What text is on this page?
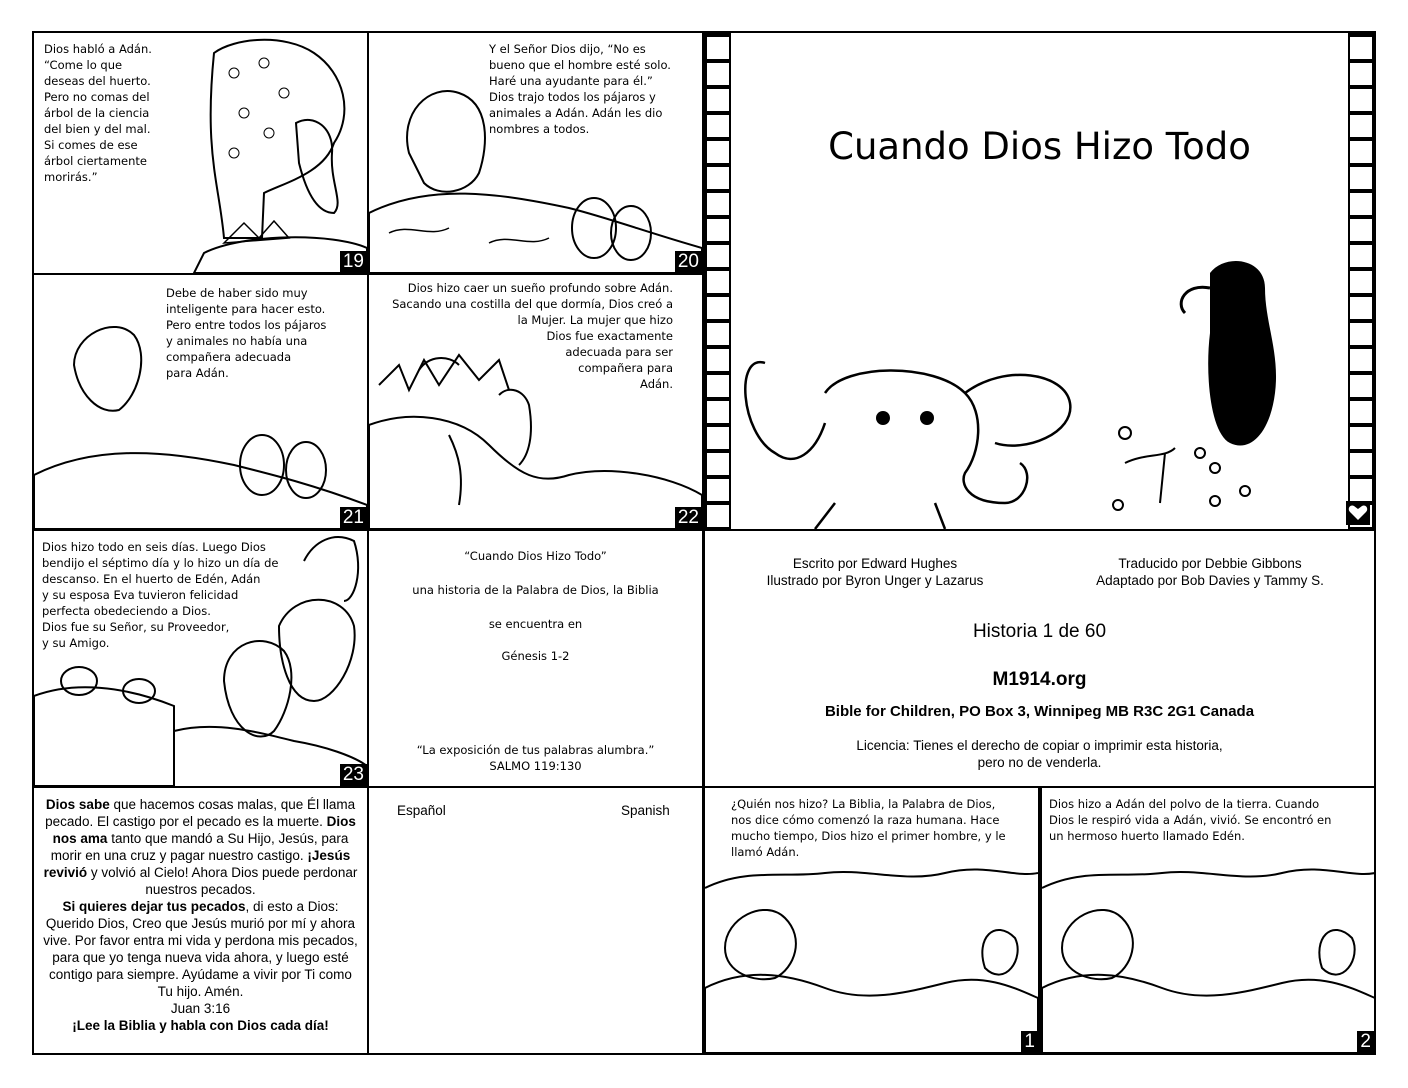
Dios habló a Adán.
“Come lo que
deseas del huerto.
Pero no comas del
árbol de la ciencia
del bien y del mal.
Si comes de ese
árbol ciertamente
morirás.”
19
Y el Señor Dios dijo, “No es
bueno que el hombre esté solo.
Haré una ayudante para él.”
Dios trajo todos los pájaros y
animales a Adán. Adán les dio
nombres a todos.
20
Cuando Dios Hizo Todo
Debe de haber sido muy
inteligente para hacer esto.
Pero entre todos los pájaros
y animales no había una
compañera adecuada
para Adán.
21
Dios hizo caer un sueño profundo sobre Adán.
Sacando una costilla del que dormía, Dios creó a
la Mujer. La mujer que hizo
Dios fue exactamente
adecuada para ser
compañera para
Adán.
22
Dios hizo todo en seis días. Luego Dios
bendijo el séptimo día y lo hizo un día de
descanso. En el huerto de Edén, Adán
y su esposa Eva tuvieron felicidad
perfecta obedeciendo a Dios.
Dios fue su Señor, su Proveedor,
y su Amigo.
23
“Cuando Dios Hizo Todo”
una historia de la Palabra de Dios, la Biblia
se encuentra en
Génesis 1-2
“La exposición de tus palabras alumbra.”
SALMO 119:130
Escrito por Edward Hughes
Ilustrado por Byron Unger y Lazarus
Traducido por Debbie Gibbons
Adaptado por Bob Davies y Tammy S.
Historia 1 de 60
M1914.org
Bible for Children, PO Box 3, Winnipeg MB R3C 2G1 Canada
Licencia: Tienes el derecho de copiar o imprimir esta historia,
pero no de venderla.
Dios sabe que hacemos cosas malas, que Él llama pecado. El castigo por el pecado es la muerte. Dios nos ama tanto que mandó a Su Hijo, Jesús, para morir en una cruz y pagar nuestro castigo. ¡Jesús revivió y volvió al Cielo! Ahora Dios puede perdonar nuestros pecados.
Si quieres dejar tus pecados, di esto a Dios: Querido Dios, Creo que Jesús murió por mí y ahora vive. Por favor entra mi vida y perdona mis pecados, para que yo tenga nueva vida ahora, y luego esté contigo para siempre. Ayúdame a vivir por Ti como Tu hijo. Amén.
Juan 3:16
¡Lee la Biblia y habla con Dios cada día!
Español	Spanish	¿Quién nos hizo? La Biblia, la Palabra de Dios,
nos dice cómo comenzó la raza humana. Hace
mucho tiempo, Dios hizo el primer hombre, y le
llamó Adán.
1
Dios hizo a Adán del polvo de la tierra. Cuando
Dios le respiró vida a Adán, vivió. Se encontró en
un hermoso huerto llamado Edén.
2
